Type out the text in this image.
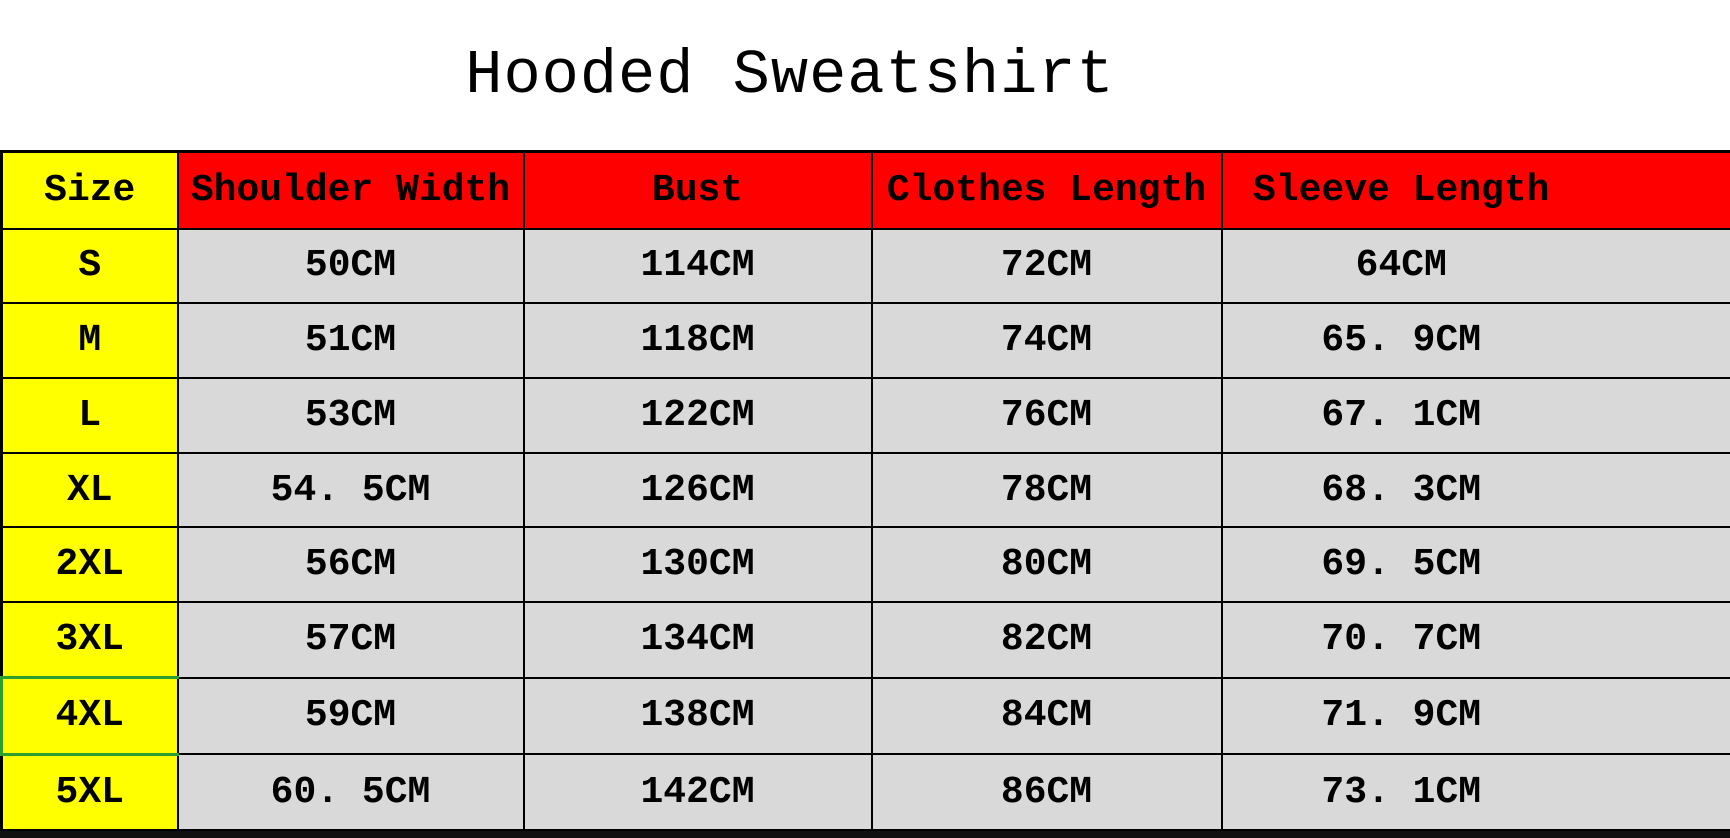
Hooded Sweatshirt
Size	Shoulder Width	Bust	Clothes Length	Sleeve Length
S	50CM	114CM	72CM	64CM
M	51CM	118CM	74CM	65. 9CM
L	53CM	122CM	76CM	67. 1CM
XL	54. 5CM	126CM	78CM	68. 3CM
2XL	56CM	130CM	80CM	69. 5CM
3XL	57CM	134CM	82CM	70. 7CM
4XL	59CM	138CM	84CM	71. 9CM
5XL	60. 5CM	142CM	86CM	73. 1CM
